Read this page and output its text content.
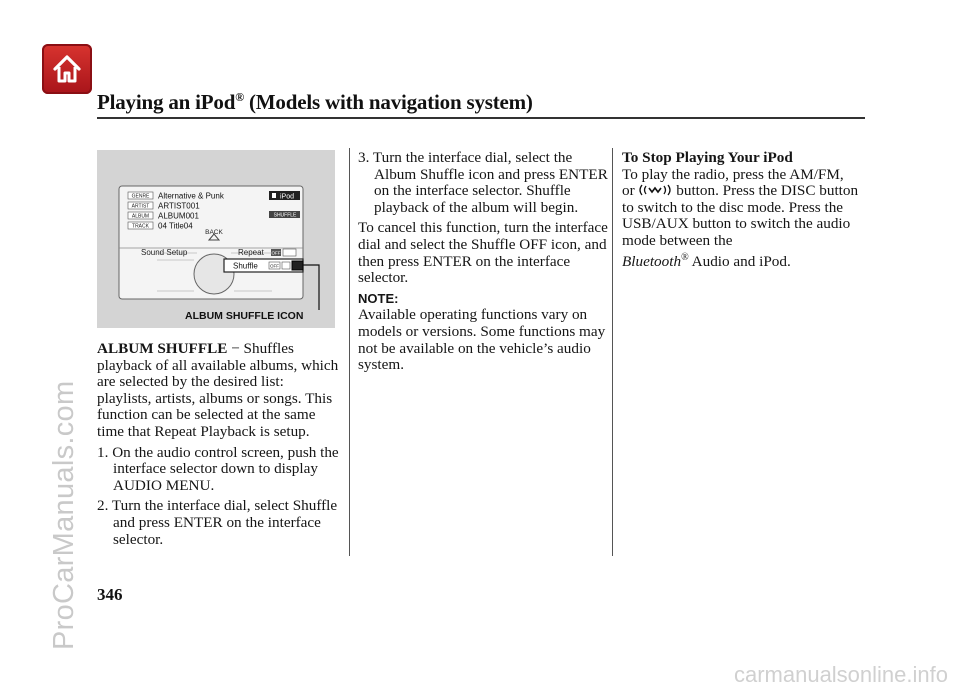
Playing an iPod® (Models with navigation system)
ProCarManuals.com
BACK
GENRE Alternative & Punk
ARTIST ARTIST001
ALBUM ALBUM001
TRACK 04 Title04
iPod
SHUFFLE
Sound Setup	Repeat OFF
Shuffle	OFF
ALBUM SHUFFLE ICON

ALBUM SHUFFLE − Shuffles playback of all available albums, which are selected by the desired list: playlists, artists, albums or songs. This function can be selected at the same time that Repeat Playback is setup.

1. On the audio control screen, push the interface selector down to display AUDIO MENU.

2. Turn the interface dial, select Shuffle and press ENTER on the interface selector.

3. Turn the interface dial, select the Album Shuffle icon and press ENTER on the interface selector. Shuffle playback of the album will begin.

To cancel this function, turn the interface dial and select the Shuffle OFF icon, and then press ENTER on the interface selector.

NOTE:
Available operating functions vary on models or versions. Some functions may not be available on the vehicle’s audio system.

To Stop Playing Your iPod

To play the radio, press the AM/FM,
or  button. Press the DISC button to switch to the disc mode. Press the USB/AUX button to switch the audio mode between the
Bluetooth® Audio and iPod.

346
carmanualsonline.info
